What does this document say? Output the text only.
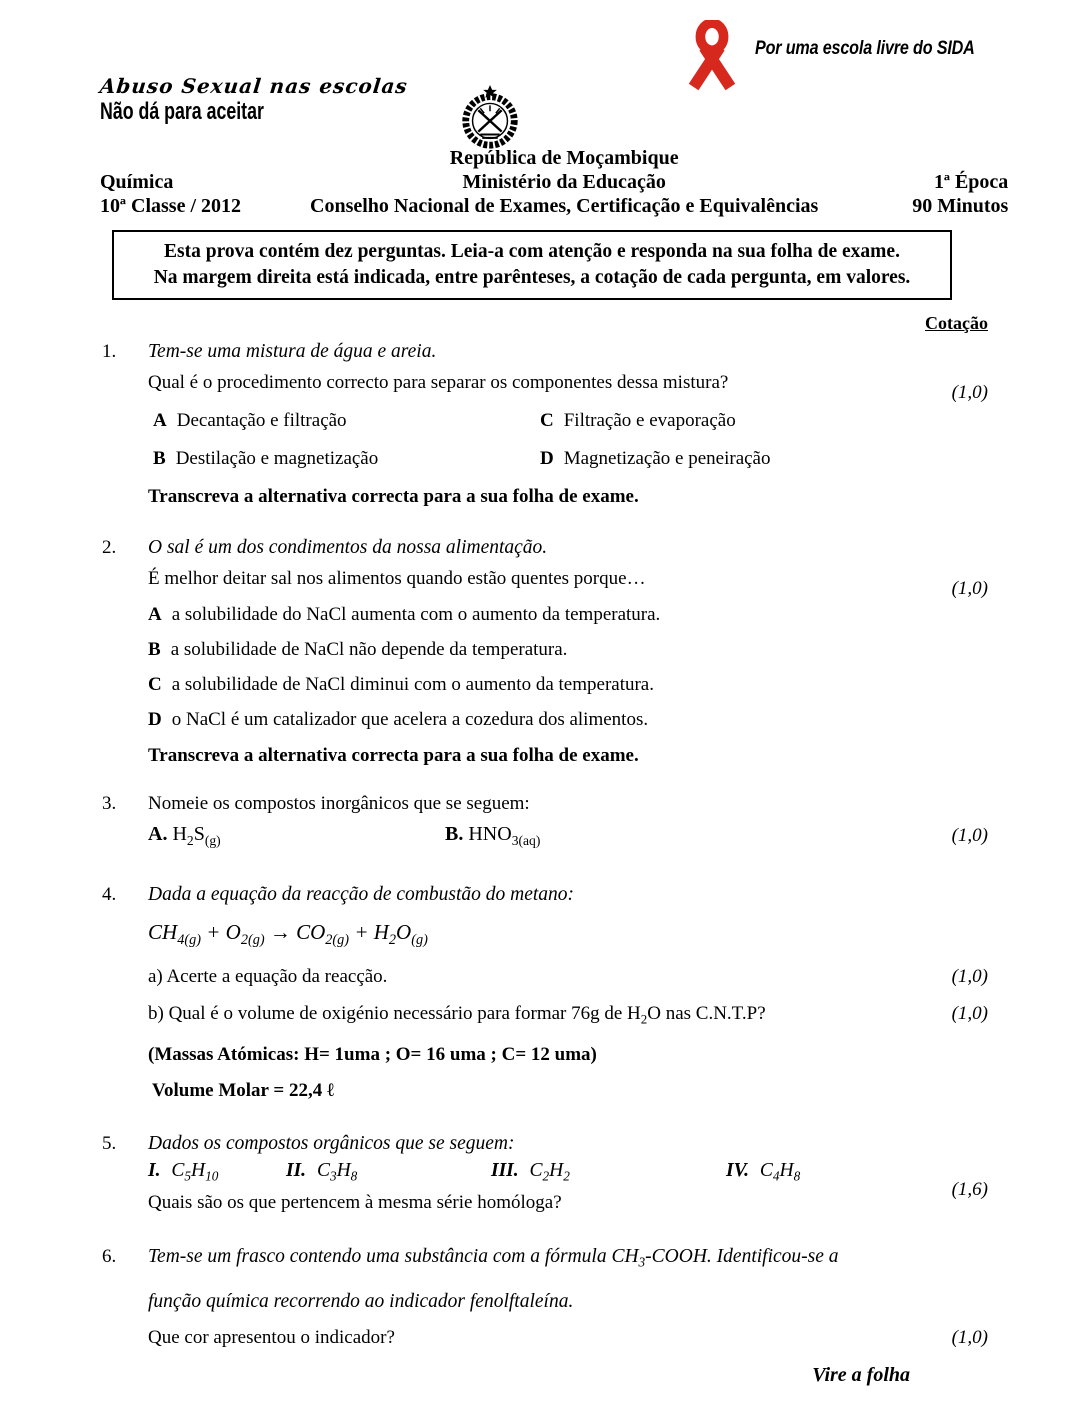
Por uma escola livre do SIDA
Abuso Sexual nas escolas
Não dá para aceitar

Química
10ª Classe / 2012
República de Moçambique
Ministério da Educação
Conselho Nacional de Exames, Certificação e Equivalências

1ª Época
90 Minutos
Esta prova contém dez perguntas. Leia-a com atenção e responda na sua folha de exame.
Na margem direita está indicada, entre parênteses, a cotação de cada pergunta, em valores.
Cotação
1. Tem-se uma mistura de água e areia.
Qual é o procedimento correcto para separar os componentes dessa mistura?	(1,0)
A Decantação e filtração	C Filtração e evaporação
B Destilação e magnetização	D Magnetização e peneiração
Transcreva a alternativa correcta para a sua folha de exame.
2. O sal é um dos condimentos da nossa alimentação.
É melhor deitar sal nos alimentos quando estão quentes porque…	(1,0)
A a solubilidade do NaCl aumenta com o aumento da temperatura.
B a solubilidade de NaCl não depende da temperatura.
C a solubilidade de NaCl diminui com o aumento da temperatura.
D o NaCl é um catalizador que acelera a cozedura dos alimentos.
Transcreva a alternativa correcta para a sua folha de exame.
3. Nomeie os compostos inorgânicos que se seguem:
A. $H_2S_{(g)}$	B. $HNO_{3(aq)}$	(1,0)
4. Dada a equação da reacção de combustão do metano:
$CH_{4(g)} + O_{2(g)} \to CO_{2(g)} + H_2O_{(g)}$
a) Acerte a equação da reacção.	(1,0)
b) Qual é o volume de oxigénio necessário para formar 76g de $H_2O$ nas C.N.T.P?	(1,0)
(Massas Atómicas: H= 1uma ; O= 16 uma ; C= 12 uma)
Volume Molar = 22,4 ℓ
5. Dados os compostos orgânicos que se seguem:
I. $C_5H_{10}$	II. $C_3H_8$	III. $C_2H_2$	IV. $C_4H_8$
Quais são os que pertencem à mesma série homóloga?
(1,6)
6. Tem-se um frasco contendo uma substância com a fórmula $CH_3$-COOH. Identificou-se a
função química recorrendo ao indicador fenolftaleína.
Que cor apresentou o indicador?	(1,0)
Vire a folha
